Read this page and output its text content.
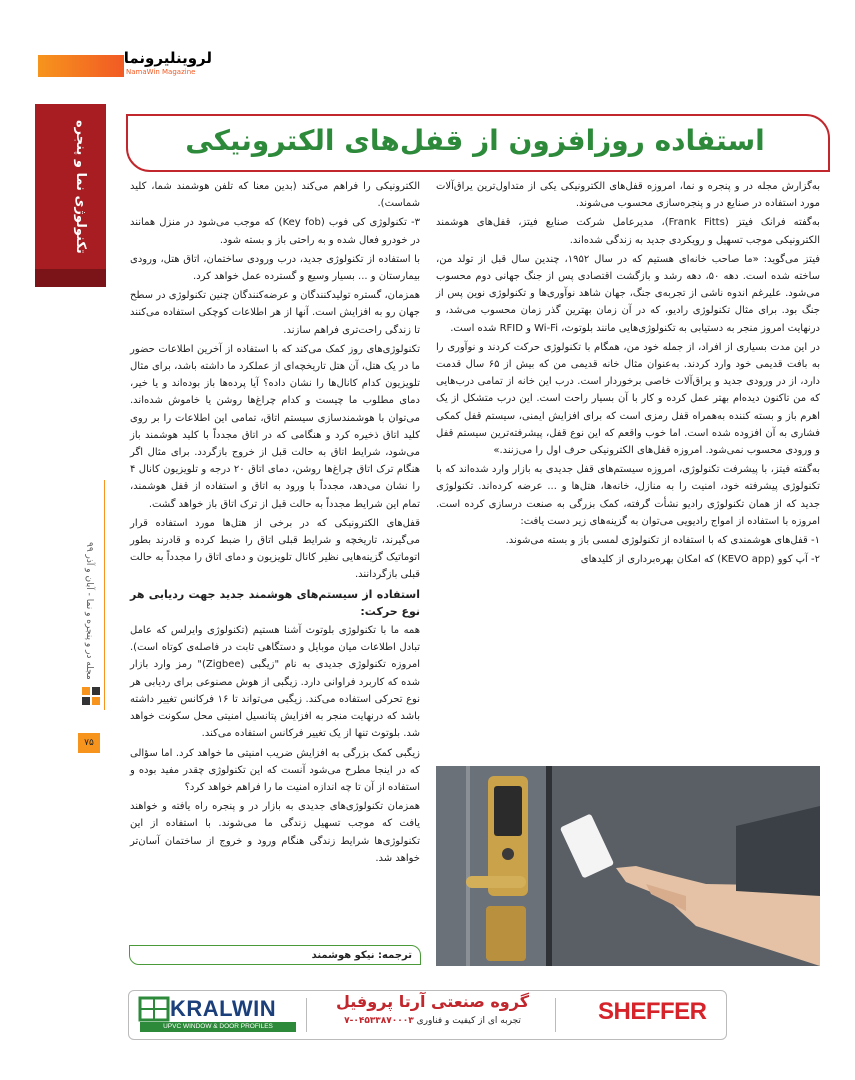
لروینلیرونما
NamaWin Magazine
تکنولوژی نما و پنجره
مجله در و پنجره و نما - آبان و آذر ۹۹
۷۵
استفاده روزافزون از قفل‌های الکترونیکی

به‌گزارش مجله در و پنجره و نما، امروزه قفل‌های الکترونیکی یکی از متداول‌ترین یراق‌آلات مورد استفاده در صنایع در و پنجره‌سازی محسوب می‌شوند.

به‌گفته فرانک فیتز (Frank Fitts)، مدیرعامل شرکت صنایع فیتز، قفل‌های هوشمند الکترونیکی موجب تسهیل و رویکردی جدید به زندگی شده‌اند.

فیتز می‌گوید: «ما صاحب خانه‌ای هستیم که در سال ۱۹۵۲، چندین سال قبل از تولد من، ساخته شده است. دهه ۵۰، دهه رشد و بازگشت اقتصادی پس از جنگ جهانی دوم محسوب می‌شود. علیرغم اندوه ناشی از تجربه‌ی جنگ، جهان شاهد نوآوری‌ها و تکنولوژی نوین پس از جنگ بود. برای مثال تکنولوژی رادیو، که در آن زمان بهترین گذر زمان محسوب می‌شد، و درنهایت امروز منجر به دستیابی به تکنولوژی‌هایی مانند بلوتوث، Wi-Fi و RFID شده است.

در این مدت بسیاری از افراد، از جمله خود من، همگام با تکنولوژی حرکت کردند و نوآوری را به بافت قدیمی خود وارد کردند. به‌عنوان مثال خانه قدیمی من که بیش از ۶۵ سال قدمت دارد، از در ورودی جدید و یراق‌آلات خاصی برخوردار است. درب این خانه از تمامی درب‌هایی که من تاکنون دیده‌ام بهتر عمل کرده و کار با آن بسیار راحت است. این درب متشکل از یک اهرم باز و بسته کننده به‌همراه قفل رمزی است که برای افزایش ایمنی، سیستم قفل کمکی فشاری به آن افزوده شده است. اما خوب واقعم که این نوع قفل، پیشرفته‌ترین سیستم قفل و ورودی محسوب نمی‌شود. امروزه قفل‌های الکترونیکی حرف اول را می‌زنند.»

به‌گفته فیتز، با پیشرفت تکنولوژی، امروزه سیستم‌های قفل جدیدی به بازار وارد شده‌اند که با تکنولوژی پیشرفته خود، امنیت را به منازل، خانه‌ها، هتل‌ها و ... عرضه کرده‌اند. تکنولوژی جدید که از همان تکنولوژی رادیو نشأت گرفته، کمک بزرگی به صنعت در‌سازی کرده است. امروزه با استفاده از امواج رادیویی می‌توان به گزینه‌های زیر دست یافت:

۱- قفل‌های هوشمندی که با استفاده از تکنولوژی لمسی باز و بسته می‌شوند.

۲- آپ کوو (KEVO app) که امکان بهره‌برداری از کلیدهای

الکترونیکی را فراهم می‌کند (بدین معنا که تلفن هوشمند شما، کلید شماست).

۳- تکنولوژی کی فوب (Key fob) که موجب می‌شود در منزل همانند در خودرو فعال شده و به راحتی باز و بسته شود.

با استفاده از تکنولوژی جدید، درب ورودی ساختمان، اتاق هتل، ورودی بیمارستان و ... بسیار وسیع و گسترده عمل خواهد کرد.

همزمان، گستره تولیدکنندگان و عرضه‌کنندگان چنین تکنولوژی در سطح جهان رو به افزایش است. آنها از هر اطلاعات کوچکی استفاده می‌کنند تا زندگی راحت‌تری فراهم سازند.

تکنولوژی‌های روز کمک می‌کند که با استفاده از آخرین اطلاعات حضور ما در یک هتل، آن هتل تاریخچه‌ای از عملکرد ما داشته باشد، برای مثال تلویزیون کدام کانال‌ها را نشان داده؟ آیا پرده‌ها باز بوده‌اند و یا خیر، دمای مطلوب ما چیست و کدام چراغ‌ها روشن یا خاموش شده‌اند. می‌توان با هوشمندسازی سیستم اتاق، تمامی این اطلاعات را بر روی کلید اتاق ذخیره کرد و هنگامی که در اتاق مجدداً با کلید هوشمند باز می‌شود، شرایط اتاق به حالت قبل از خروج بازگردد. برای مثال اگر هنگام ترک اتاق چراغ‌ها روشن، دمای اتاق ۲۰ درجه و تلویزیون کانال ۴ را نشان می‌دهد، مجدداً با ورود به اتاق و استفاده از قفل هوشمند، تمام این شرایط مجدداً به حالت قبل از ترک اتاق باز خواهد گشت.

قفل‌های الکترونیکی که در برخی از هتل‌ها مورد استفاده قرار می‌گیرند، تاریخچه و شرایط قبلی اتاق را ضبط کرده و قادرند بطور اتوماتیک گزینه‌هایی نظیر کانال تلویزیون و دمای اتاق را مجدداً به حالت قبلی بازگردانند.

استفاده از سیستم‌های هوشمند جدید جهت ردیابی هر نوع حرکت:

همه ما با تکنولوژی بلوتوث آشنا هستیم (تکنولوژی وایرلس که عامل تبادل اطلاعات میان موبایل و دستگاهی ثابت در فاصله‌ی کوتاه است). امروزه تکنولوژی جدیدی به نام "زیگبی (Zigbee)" رمز وارد بازار شده که کاربرد فراوانی دارد. زیگبی از هوش مصنوعی برای ردیابی هر نوع تحرکی استفاده می‌کند. زیگبی می‌تواند تا ۱۶ فرکانس تغییر داشته باشد که درنهایت منجر به افزایش پتانسیل امنیتی محل سکونت خواهد شد. بلوتوث تنها از یک تغییر فرکانس استفاده می‌کند.

زیگبی کمک بزرگی به افزایش ضریب امنیتی ما خواهد کرد. اما سؤالی که در اینجا مطرح می‌شود آنست که این تکنولوژی چقدر مفید بوده و استفاده از آن تا چه اندازه امنیت ما را فراهم خواهد کرد؟

همزمان تکنولوژی‌های جدیدی به بازار در و پنجره راه یافته و خواهند یافت که موجب تسهیل زندگی ما می‌شوند. با استفاده از این تکنولوژی‌ها شرایط زندگی هنگام ورود و خروج از ساختمان آسان‌تر خواهد شد.

ترجمه: نیکو هوشمند
KRALWIN
UPVC WINDOW & DOOR PROFILES
گروه صنعتی آرتا پروفیل
تجربه ای از کیفیت و فناوری ۰۴۵۳۳۸۷۰۰۰۳-۷	SHEFFER
